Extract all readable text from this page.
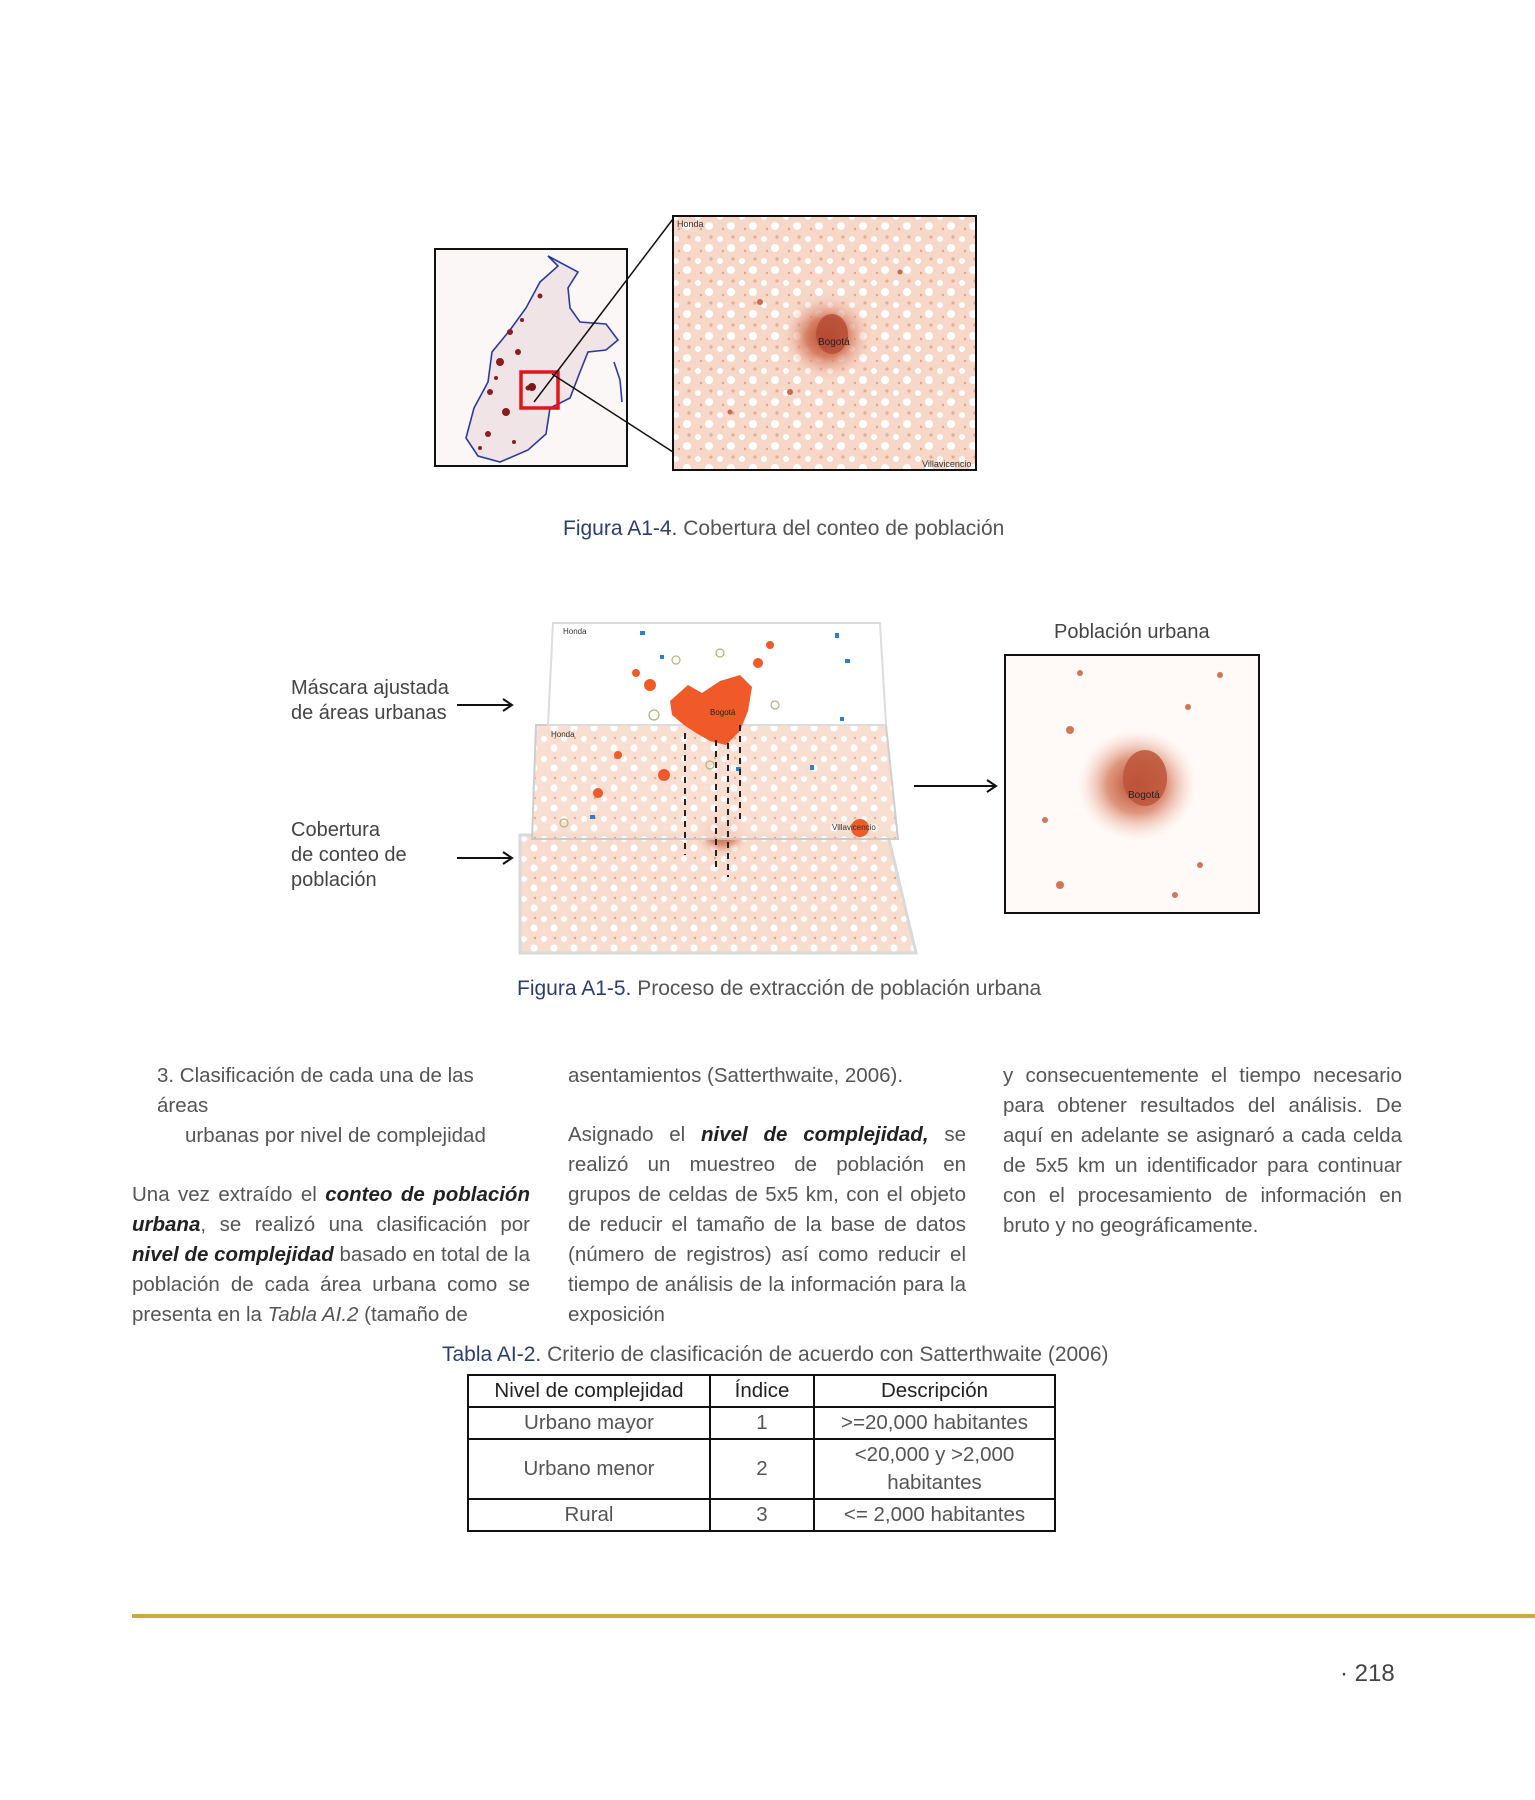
Honda
Bogotá
Villavicencio
Figura A1-4. Cobertura del conteo de población
Máscara ajustada
de áreas urbanas
Cobertura
de conteo de
población
Población urbana
Honda
Honda
Bogotá
Villavicencio
Bogotá
Figura A1-5. Proceso de extracción de población urbana
3. Clasificación de cada una de las áreas
urbanas por nivel de complejidad

Una vez extraído el conteo de población urbana, se realizó una clasificación por nivel de complejidad basado en total de la población de cada área urbana como se presenta en la Tabla AI.2 (tamaño de

asentamientos (Satterthwaite, 2006).

Asignado el nivel de complejidad, se realizó un muestreo de población en grupos de celdas de 5x5 km, con el objeto de reducir el tamaño de la base de datos (número de registros) así como reducir el tiempo de análisis de la información para la exposición

y consecuentemente el tiempo necesario para obtener resultados del análisis. De aquí en adelante se asignaró a cada celda de 5x5 km un identificador para continuar con el procesamiento de información en bruto y no geográficamente.

Tabla AI-2. Criterio de clasificación de acuerdo con Satterthwaite (2006)
Nivel de complejidad	Índice	Descripción
Urbano mayor	1	>=20,000 habitantes
Urbano menor	2	<20,000 y >2,000
habitantes

Rural	3	<= 2,000 habitantes
· 218
